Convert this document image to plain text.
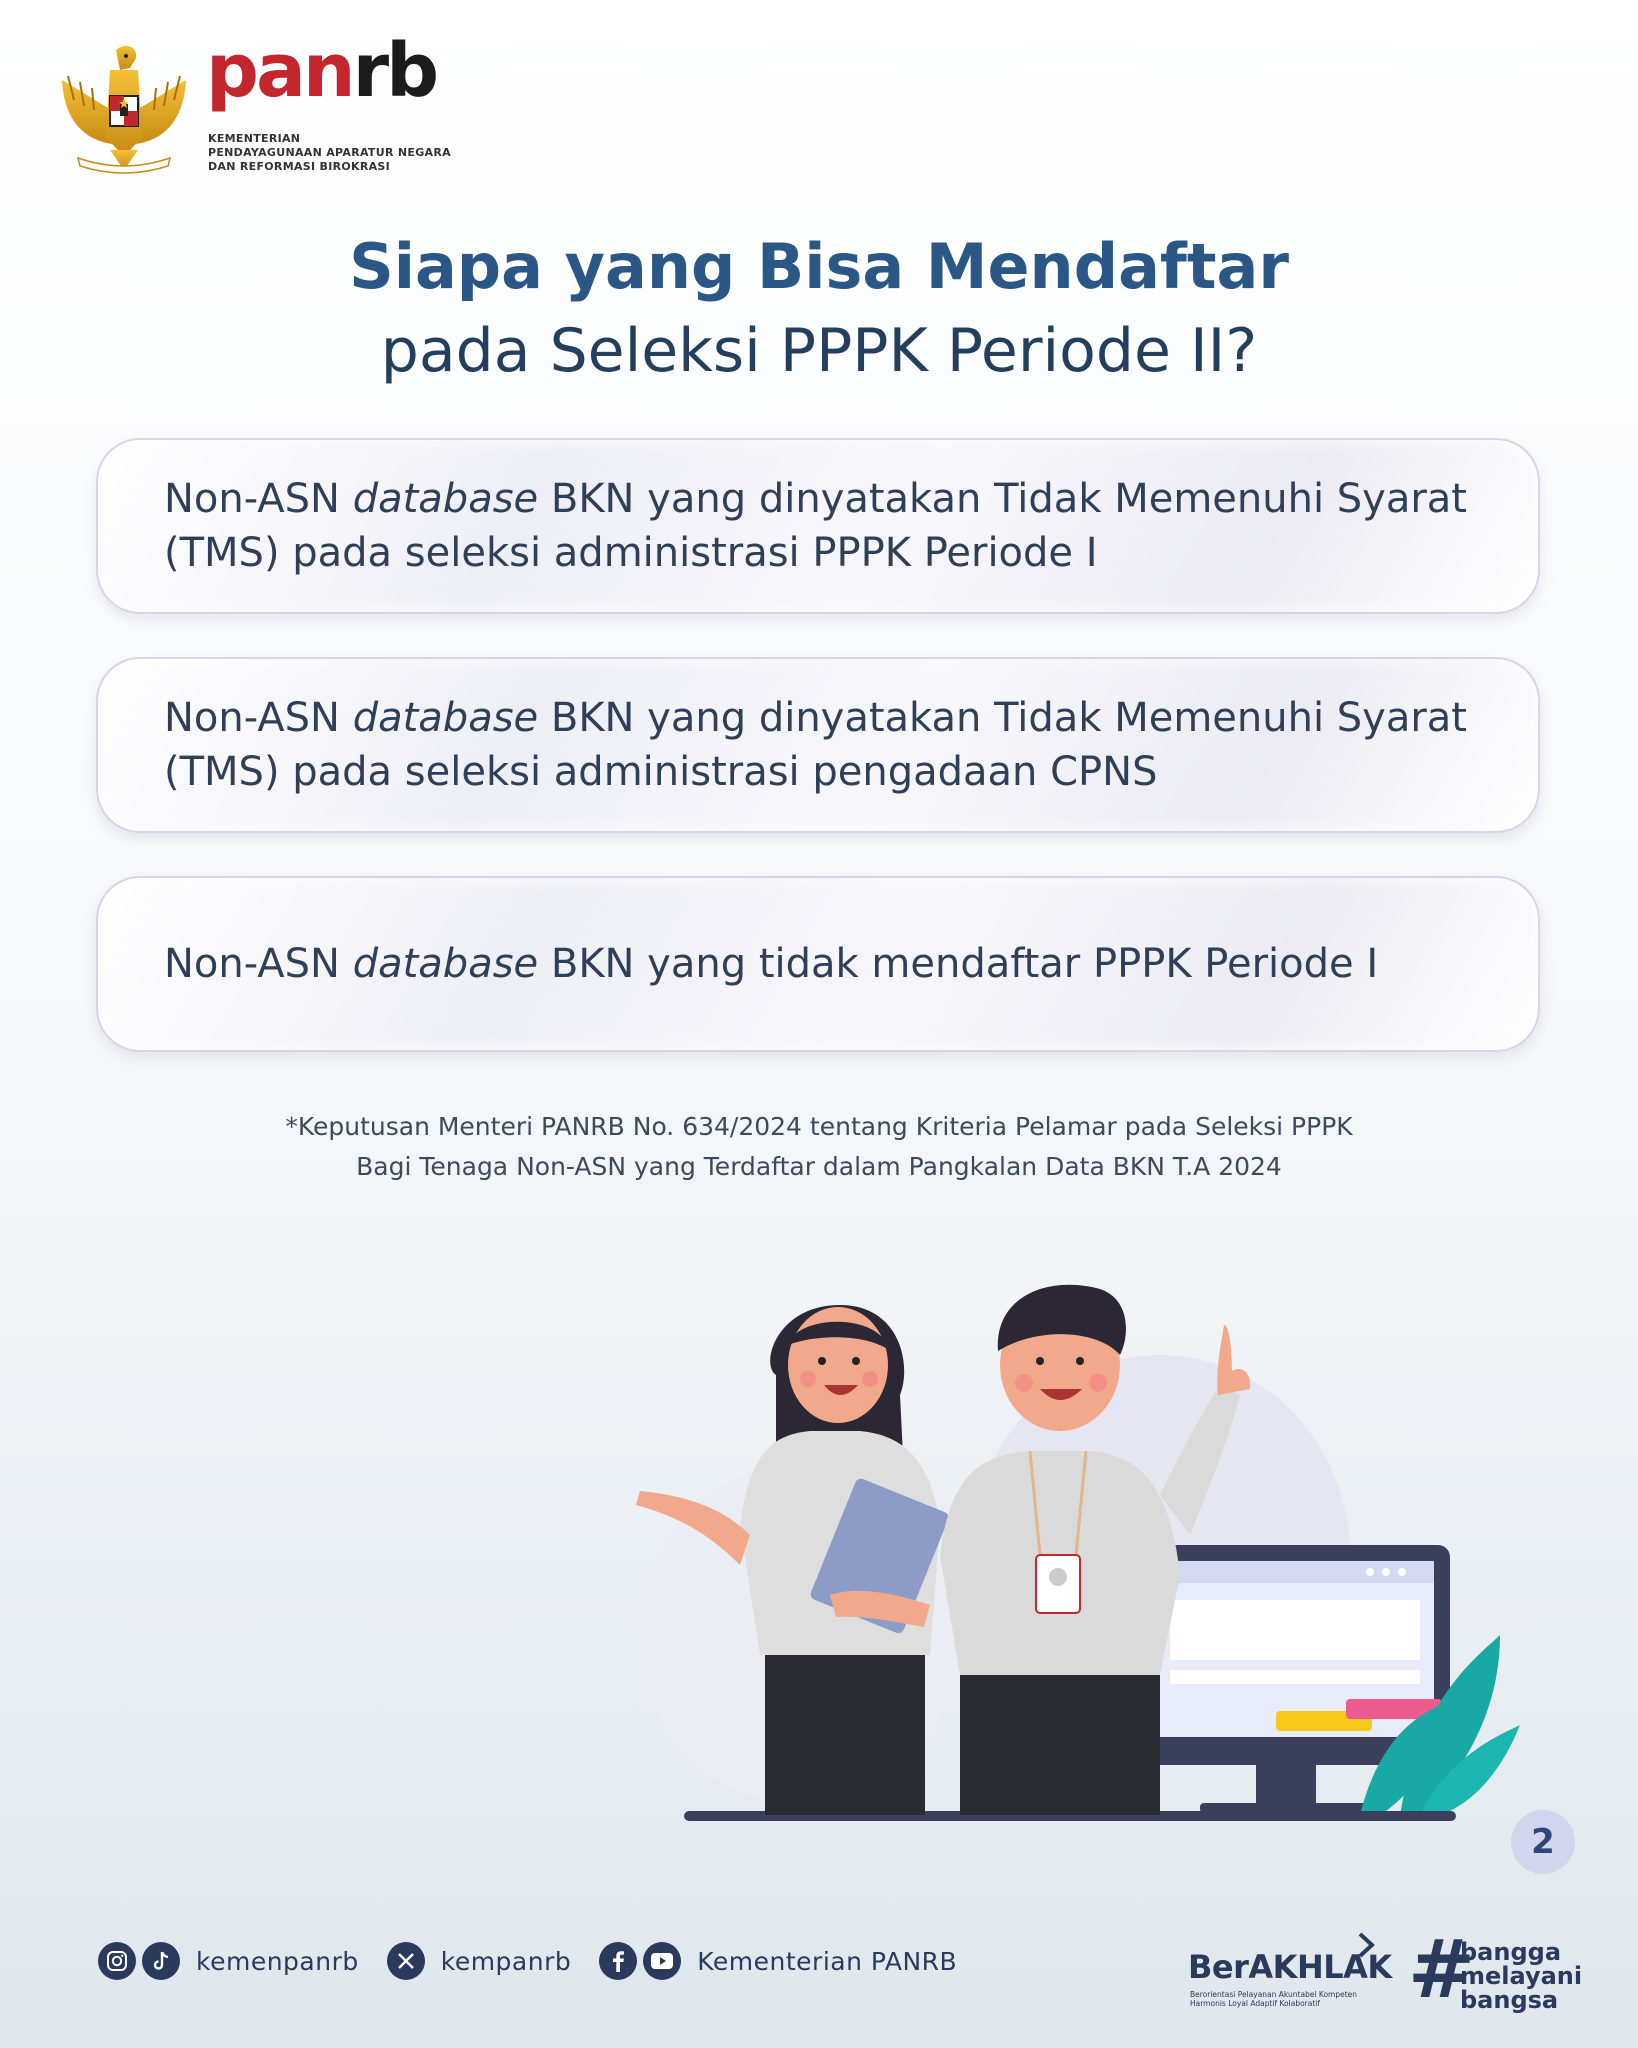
panrb
KEMENTERIAN
PENDAYAGUNAAN APARATUR NEGARA
DAN REFORMASI BIROKRASI
Siapa yang Bisa Mendaftar
pada Seleksi PPPK Periode II?
Non-ASN database BKN yang dinyatakan Tidak Memenuhi Syarat (TMS) pada seleksi administrasi PPPK Periode I
Non-ASN database BKN yang dinyatakan Tidak Memenuhi Syarat (TMS) pada seleksi administrasi pengadaan CPNS
Non-ASN database BKN yang tidak mendaftar PPPK Periode I
*Keputusan Menteri PANRB No. 634/2024 tentang Kriteria Pelamar pada Seleksi PPPK
Bagi Tenaga Non-ASN yang Terdaftar dalam Pangkalan Data BKN T.A 2024
2
kemenpanrb	kempanrb	Kementerian PANRB	BerAKHLAK
Berorientasi Pelayanan Akuntabel Kompeten
Harmonis Loyal Adaptif Kolaboratif	#
bangga
melayani
bangsa
